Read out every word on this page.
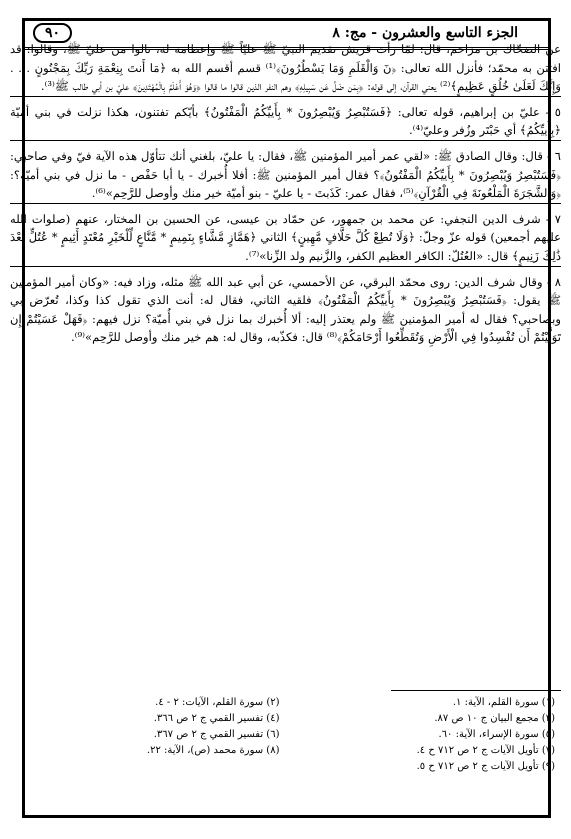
الجزء التاسع والعشرون - مج: ٨
٩٠

عن الضحّاك بن مزاحم، قال: لمّا رأت قريش تقديم النبيّ ﷺ عليّاً ﷺ وإعظامه له، نالوا من عليّ ﷺ، وقالوا: قد افتتن به محمّد؛ فأنزل الله تعالى: ﴿نٓ وَالْقَلَمِ وَمَا يَسْطُرُونَ﴾⁽¹⁾ قسم أقسم الله به ﴿مَا أَنتَ بِنِعْمَةِ رَبِّكَ بِمَجْنُونٍ . . . وَإِنَّكَ لَعَلَىٰ خُلُقٍ عَظِيمٍ﴾⁽²⁾ يعني القرآن، إلى قوله: ﴿بِمَن ضَلَّ عَن سَبِيلِهِ﴾ وهم النفر الذين قالوا ما قالوا ﴿وَهُوَ أَعْلَمُ بِالْمُهْتَدِينَ﴾ عليّ بن أبي طالب ﷺ⁽³⁾.

٥ - عليّ بن إبراهيم، قوله تعالى: ﴿فَسَتُبْصِرُ وَيُبْصِرُونَ * بِأَييِّكُمُ الْمَفْتُونُ﴾ بأيّكم تفتنون، هكذا نزلت في بني أميّة ﴿بِأَييِّكُمُ﴾ أي حَبْتَر وزُفر وعليّ⁽⁴⁾.

٦ - قال: وقال الصادق ﷺ: «لقي عمر أمير المؤمنين ﷺ، فقال: يا عليّ، بلغني أنك تتأوّل هذه الآية فيّ وفي صاحبي: ﴿فَسَتُبْصِرُ وَيُبْصِرُونَ * بِأَييِّكُمُ الْمَفْتُونُ﴾؟ فقال أمير المؤمنين ﷺ: أفلا أُخبرك - يا أبا حَفْص - ما نزل في بني أميّة؟: ﴿وَالشَّجَرَةَ الْمَلْعُونَةَ فِي الْقُرْآنِ﴾⁽⁵⁾، فقال عمر: كَذَبتَ - يا عليّ - بنو أميّة خير منك وأوصل للرَّحِم»⁽⁶⁾.

٧ - شرف الدين النجفي: عن محمد بن جمهور، عن حمّاد بن عيسى، عن الحسين بن المختار، عنهم (صلوات الله عليهم أجمعين) قوله عزّ وجلّ: ﴿وَلَا تُطِعْ كُلَّ حَلَّافٍ مَّهِينٍ﴾ الثاني ﴿هَمَّازٍ مَّشَّاءٍ بِنَمِيمٍ * مَّنَّاعٍ لِّلْخَيْرِ مُعْتَدٍ أَثِيمٍ * عُتُلٍّ بَعْدَ ذَٰلِكَ زَنِيمٍ﴾ قال: «العُتُلّ: الكافر العظيم الكفر، والزَّنيم ولد الزِّنا»⁽⁷⁾.

٨ - وقال شرف الدين: روى محمّد البرقي، عن الأحمسي، عن أبي عبد الله ﷺ مثله، وزاد فيه: «وكان أمير المؤمنين ﷺ يقول: ﴿فَسَتُبْصِرُ وَيُبْصِرُونَ * بِأَييِّكُمُ الْمَفْتُونُ﴾ فلقيه الثاني، فقال له: أنت الذي تقول كذا وكذا، تُعرّض بي وبصاحبي؟ فقال له أمير المؤمنين ﷺ ولم يعتذر إليه: ألا أُخبرك بما نزل في بني أُميّة؟ نزل فيهم: ﴿فَهَلْ عَسَيْتُمْ إِن تَوَلَّيْتُمْ أَن تُفْسِدُوا فِي الْأَرْضِ وَتُقَطِّعُوا أَرْحَامَكُمْ﴾⁽⁸⁾ قال: فكذّبه، وقال له: هم خير منك وأوصل للرَّحِم»⁽⁹⁾.

(١) سورة القلم، الآية: ١.	(٢) سورة القلم، الآيات: ٢ - ٤.
(٣) مجمع البيان ج ١٠ ص ٨٧.	(٤) تفسير القمي ج ٢ ص ٣٦٦.
(٥) سورة الإسراء، الآية: ٦٠.	(٦) تفسير القمي ج ٢ ص ٣٦٧.
(٧) تأويل الآيات ج ٢ ص ٧١٢ ح ٤.	(٨) سورة محمد (ص)، الآية: ٢٢.
(٩) تأويل الآيات ج ٢ ص ٧١٢ ح ٥.	
